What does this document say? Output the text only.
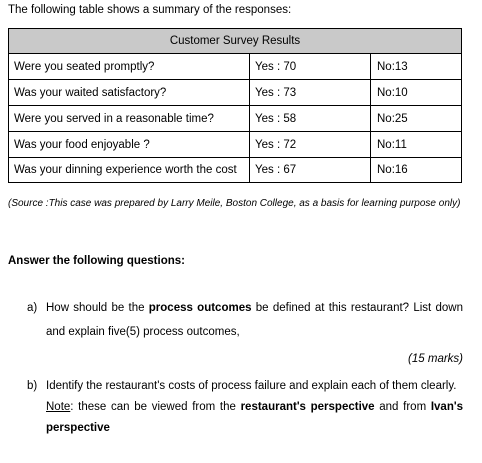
The following table shows a summary of the responses:
Customer Survey Results		
Were you seated promptly?	Yes : 70	No:13
Was your waited satisfactory?	Yes : 73	No:10
Were you served in a reasonable time?	Yes : 58	No:25
Was your food enjoyable ?	Yes : 72	No:11
Was your dinning experience worth the cost	Yes : 67	No:16
(Source :This case was prepared by Larry Meile, Boston College, as a basis for learning purpose only)
Answer the following questions:
a) How should be the process outcomes be defined at this restaurant? List down and explain five(5) process outcomes,
(15 marks)
b) Identify the restaurant's costs of process failure and explain each of them clearly.
Note: these can be viewed from the restaurant's perspective and from Ivan's perspective
